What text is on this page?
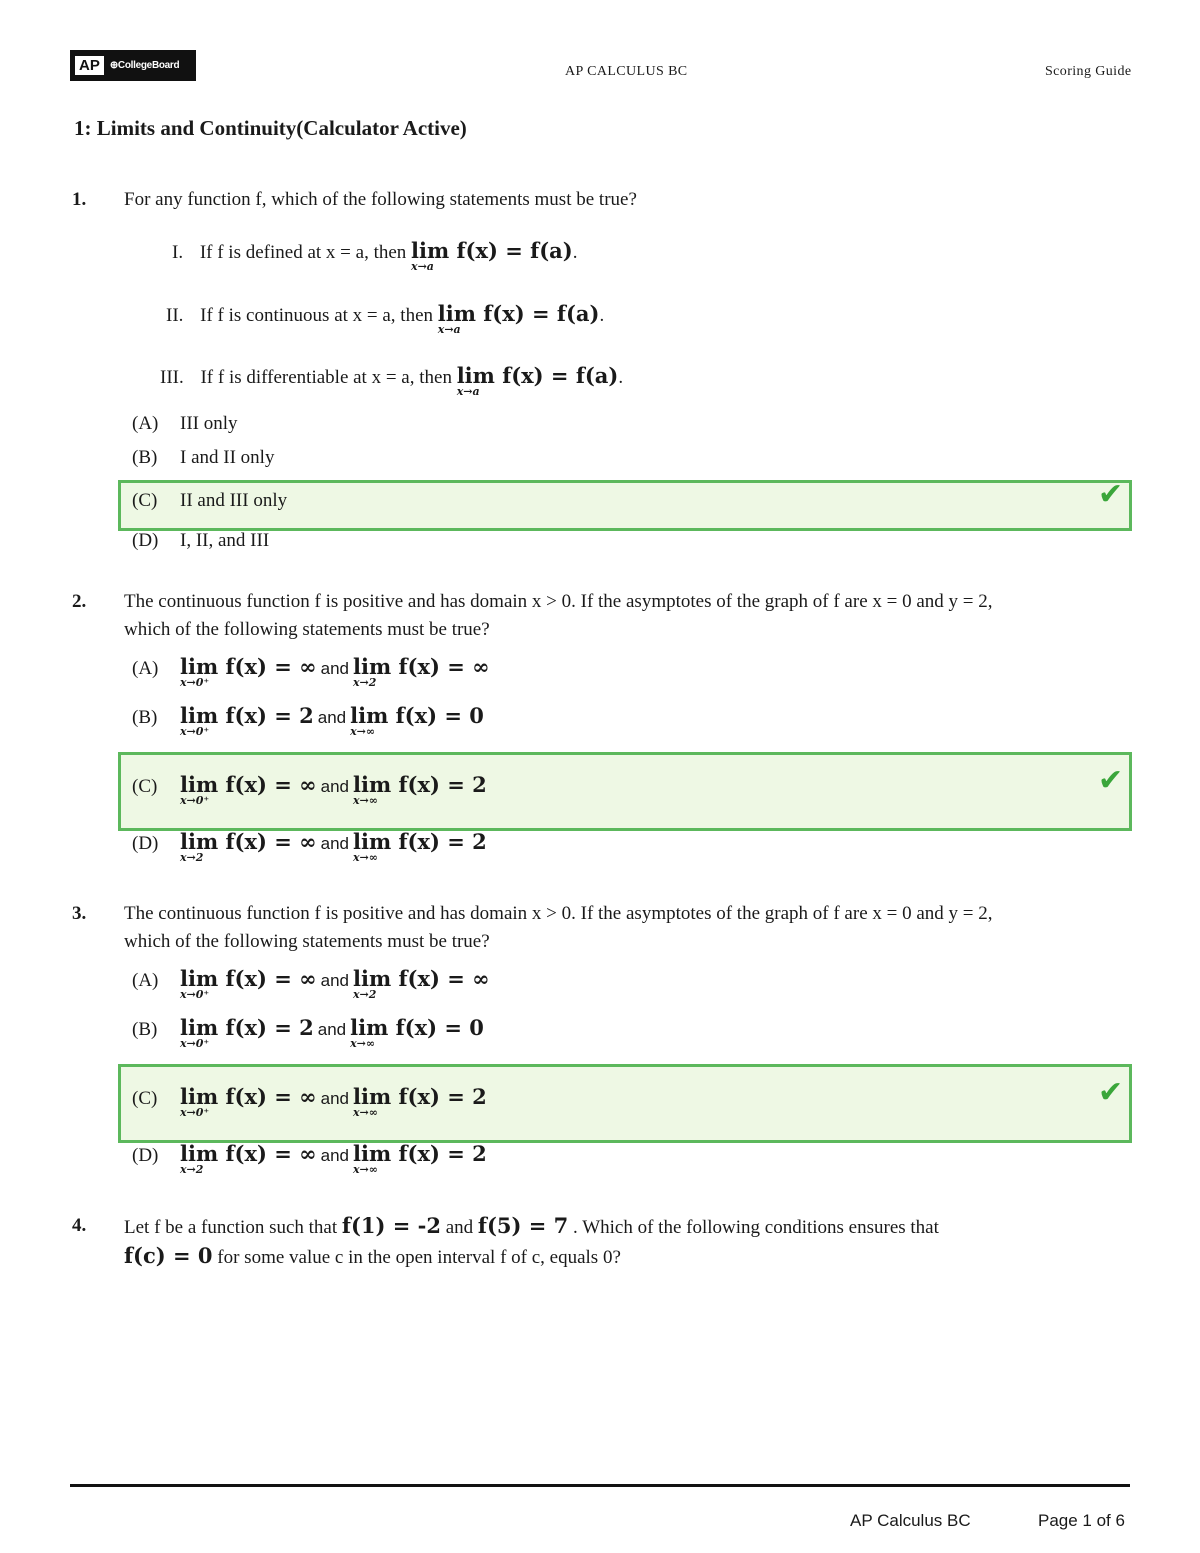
AP	⊕CollegeBoard	AP CALCULUS BC	Scoring Guide
1: Limits and Continuity(Calculator Active)
1. For any function f, which of the following statements must be true?
I. If f is defined at x = a, then lim f(x) = f(a)
x→a
.
II. If f is continuous at x = a, then lim f(x) = f(a)
x→a
.
III. If f is differentiable at x = a, then lim f(x) = f(a)
x→a
.
(A) III only
(B) I and II only
(C) II and III only	✔
(D) I, II, and III
2. The continuous function f is positive and has domain x > 0. If the asymptotes of the graph of f are x = 0 and y = 2,
which of the following statements must be true?
(A) lim f(x) = ∞
x→0⁺
and lim f(x) = ∞
x→2
(B) lim f(x) = 2
x→0⁺
and lim f(x) = 0
x→∞
(C) lim f(x) = ∞
x→0⁺
and lim f(x) = 2
x→∞
✔
(D) lim f(x) = ∞
x→2
and lim f(x) = 2
x→∞
3. The continuous function f is positive and has domain x > 0. If the asymptotes of the graph of f are x = 0 and y = 2,
which of the following statements must be true?
(A) lim f(x) = ∞
x→0⁺
and lim f(x) = ∞
x→2
(B) lim f(x) = 2
x→0⁺
and lim f(x) = 0
x→∞
(C) lim f(x) = ∞
x→0⁺
and lim f(x) = 2
x→∞
✔
(D) lim f(x) = ∞
x→2
and lim f(x) = 2
x→∞
4. Let f be a function such that f(1) = -2 and f(5) = 7 . Which of the following conditions ensures that
f(c) = 0 for some value c in the open interval f of c, equals 0?
AP Calculus BC	Page 1 of 6
